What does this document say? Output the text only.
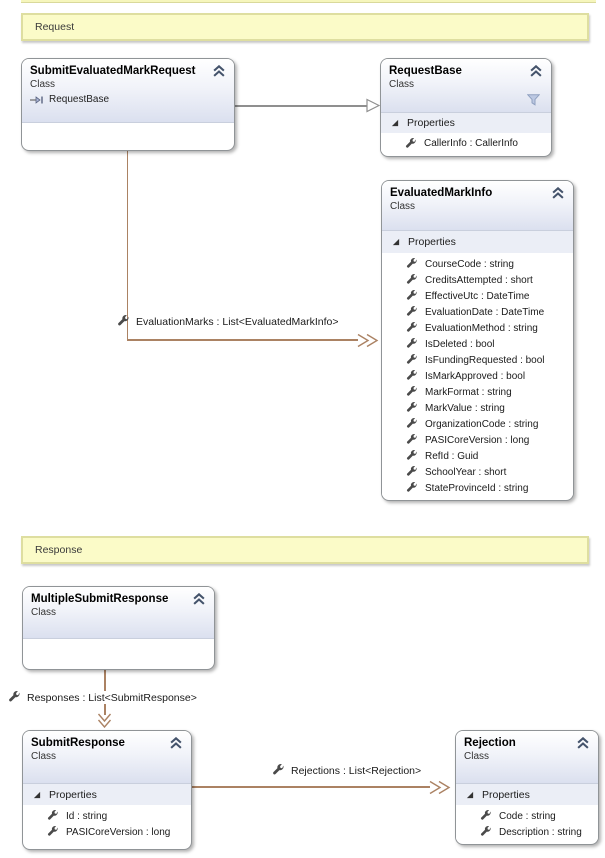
Request
EvaluationMarks : List<EvaluatedMarkInfo>
Responses : List<SubmitResponse>
Rejections : List<Rejection>
SubmitEvaluatedMarkRequest
Class
RequestBase
RequestBase
Class
Properties
CallerInfo : CallerInfo
EvaluatedMarkInfo
Class
Properties
CourseCode : string
CreditsAttempted : short
EffectiveUtc : DateTime
EvaluationDate : DateTime
EvaluationMethod : string
IsDeleted : bool
IsFundingRequested : bool
IsMarkApproved : bool
MarkFormat : string
MarkValue : string
OrganizationCode : string
PASICoreVersion : long
RefId : Guid
SchoolYear : short
StateProvinceId : string
Response
MultipleSubmitResponse
Class
SubmitResponse
Class
Properties
Id : string
PASICoreVersion : long
Rejection
Class
Properties
Code : string
Description : string
